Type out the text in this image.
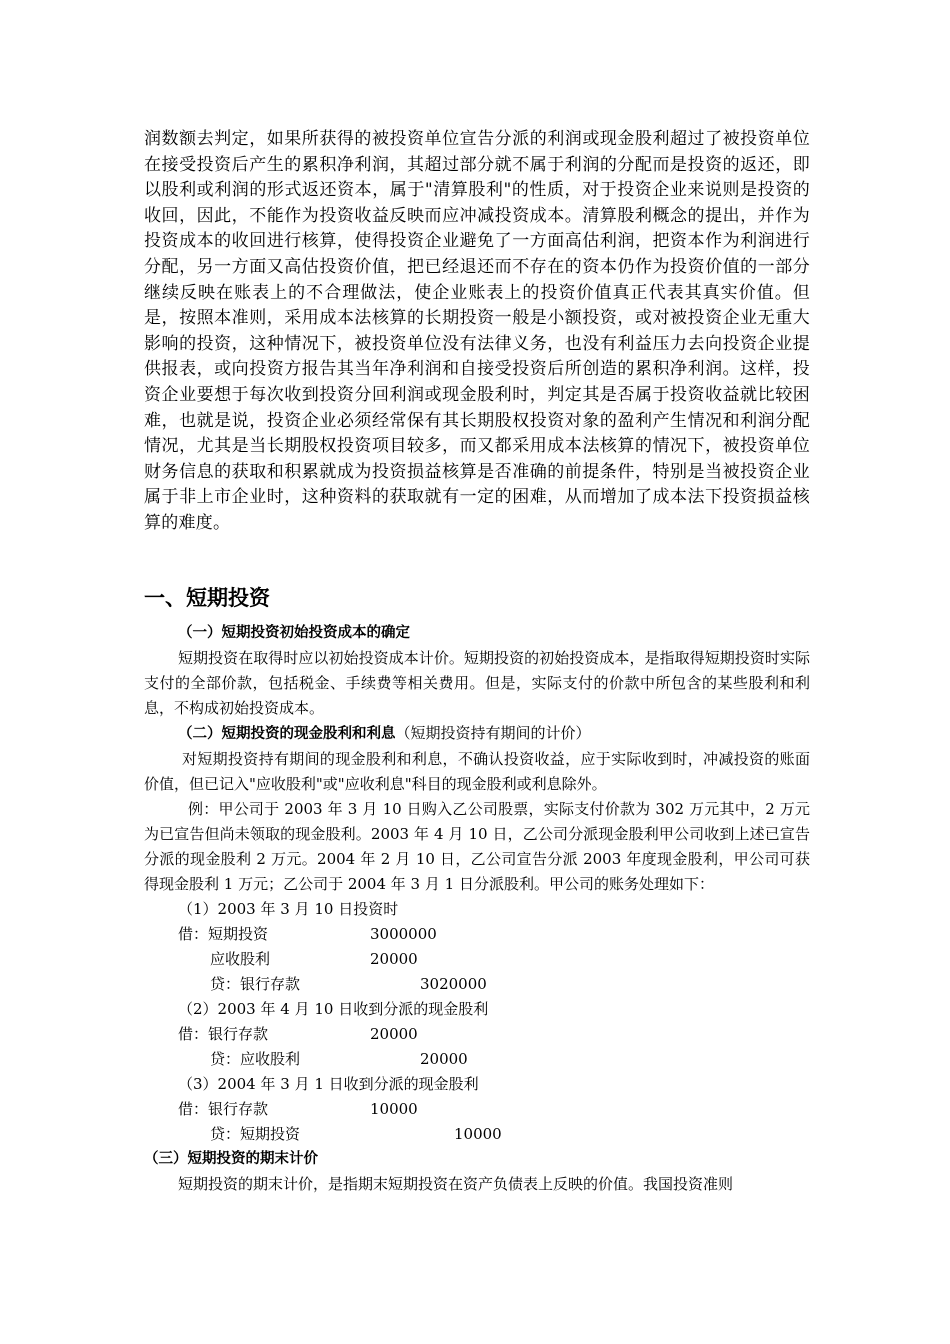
润数额去判定，如果所获得的被投资单位宣告分派的利润或现金股利超过了被投资单位在接受投资后产生的累积净利润，其超过部分就不属于利润的分配而是投资的返还，即以股利或利润的形式返还资本，属于"清算股利"的性质，对于投资企业来说则是投资的收回，因此，不能作为投资收益反映而应冲减投资成本。清算股利概念的提出，并作为投资成本的收回进行核算，使得投资企业避免了一方面高估利润，把资本作为利润进行分配，另一方面又高估投资价值，把已经退还而不存在的资本仍作为投资价值的一部分继续反映在账表上的不合理做法，使企业账表上的投资价值真正代表其真实价值。但是，按照本准则，采用成本法核算的长期投资一般是小额投资，或对被投资企业无重大影响的投资，这种情况下，被投资单位没有法律义务，也没有利益压力去向投资企业提供报表，或向投资方报告其当年净利润和自接受投资后所创造的累积净利润。这样，投资企业要想于每次收到投资分回利润或现金股利时，判定其是否属于投资收益就比较困难，也就是说，投资企业必须经常保有其长期股权投资对象的盈利产生情况和利润分配情况，尤其是当长期股权投资项目较多，而又都采用成本法核算的情况下，被投资单位财务信息的获取和积累就成为投资损益核算是否准确的前提条件，特别是当被投资企业属于非上市企业时，这种资料的获取就有一定的困难，从而增加了成本法下投资损益核算的难度。

一、短期投资

（一）短期投资初始投资成本的确定

短期投资在取得时应以初始投资成本计价。短期投资的初始投资成本，是指取得短期投资时实际支付的全部价款，包括税金、手续费等相关费用。但是，实际支付的价款中所包含的某些股利和利息，不构成初始投资成本。

（二）短期投资的现金股利和利息（短期投资持有期间的计价）

对短期投资持有期间的现金股利和利息，不确认投资收益，应于实际收到时，冲减投资的账面价值，但已记入"应收股利"或"应收利息"科目的现金股利或利息除外。

例：甲公司于 2003 年 3 月 10 日购入乙公司股票，实际支付价款为 302 万元其中，2 万元为已宣告但尚未领取的现金股利。2003 年 4 月 10 日，乙公司分派现金股利甲公司收到上述已宣告分派的现金股利 2 万元。2004 年 2 月 10 日，乙公司宣告分派 2003 年度现金股利，甲公司可获得现金股利 1 万元；乙公司于 2004 年 3 月 1 日分派股利。甲公司的账务处理如下：

（1）2003 年 3 月 10 日投资时

借：短期投资	3000000
应收股利	20000
贷：银行存款	3020000

（2）2003 年 4 月 10 日收到分派的现金股利

借：银行存款	20000
贷：应收股利	20000

（3）2004 年 3 月 1 日收到分派的现金股利

借：银行存款	10000
贷：短期投资	10000

（三）短期投资的期末计价

短期投资的期末计价，是指期末短期投资在资产负债表上反映的价值。我国投资准则
